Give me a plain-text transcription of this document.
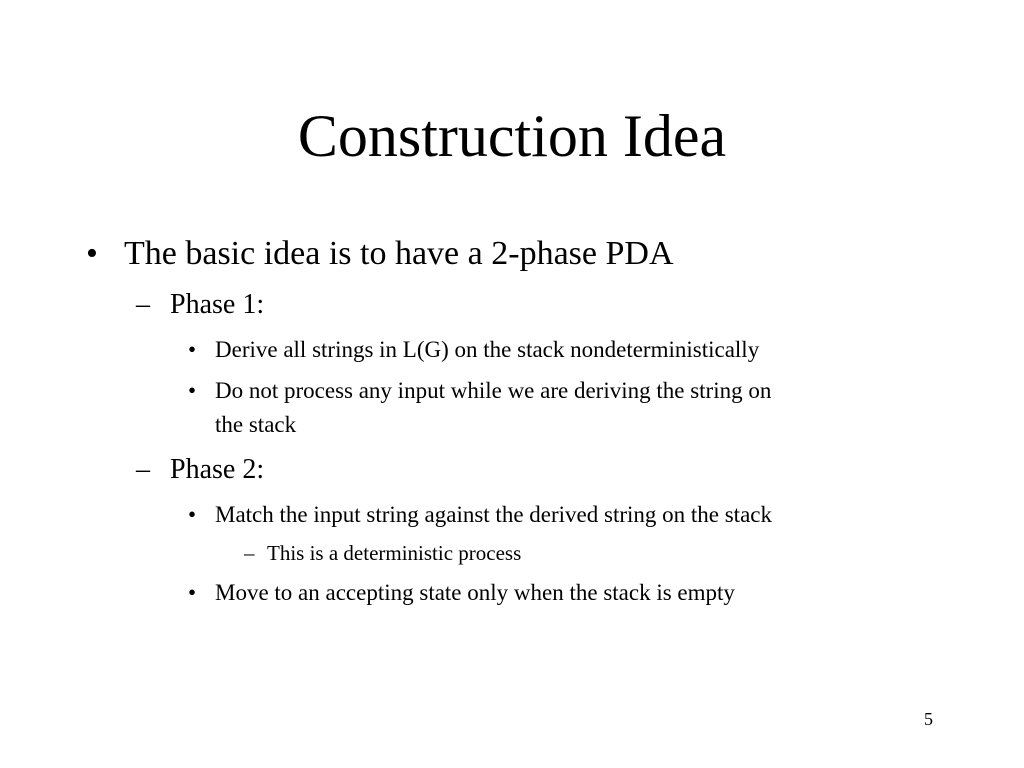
Construction Idea
• The basic idea is to have a 2-phase PDA
– Phase 1:
• Derive all strings in L(G) on the stack nondeterministically
• Do not process any input while we are deriving the string on
the stack
– Phase 2:
• Match the input string against the derived string on the stack
– This is a deterministic process
• Move to an accepting state only when the stack is empty
5
